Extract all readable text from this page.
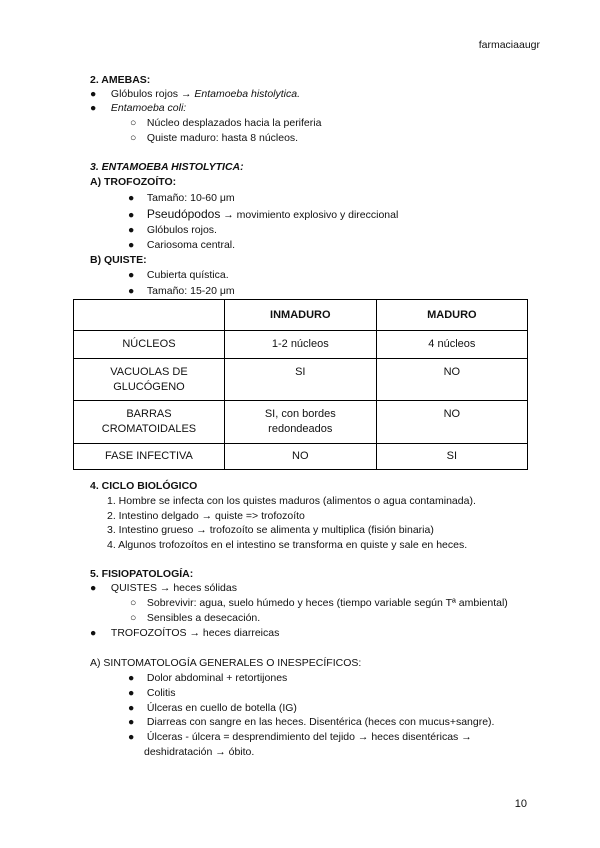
farmaciaaugr
2. AMEBAS:
● Glóbulos rojos → Entamoeba histolytica.
● Entamoeba coli:
○ Núcleo desplazados hacia la periferia
○ Quiste maduro: hasta 8 núcleos.
3. ENTAMOEBA HISTOLYTICA:
A) TROFOZOÍTO:
● Tamaño: 10-60 μm
● Pseudópodos → movimiento explosivo y direccional
● Glóbulos rojos.
● Cariosoma central.
B) QUISTE:
● Cubierta quística.
● Tamaño: 15-20 μm
	INMADURO	MADURO
NÚCLEOS	1-2 núcleos	4 núcleos
VACUOLAS DE GLUCÓGENO	SI	NO
BARRAS CROMATOIDALES	SI, con bordes redondeados	NO
FASE INFECTIVA	NO	SI
4. CICLO BIOLÓGICO
1. Hombre se infecta con los quistes maduros (alimentos o agua contaminada).
2. Intestino delgado → quiste => trofozoíto
3. Intestino grueso → trofozoíto se alimenta y multiplica (fisión binaria)
4. Algunos trofozoítos en el intestino se transforma en quiste y sale en heces.
5. FISIOPATOLOGÍA:
● QUISTES → heces sólidas
○ Sobrevivir: agua, suelo húmedo y heces (tiempo variable según Tª ambiental)
○ Sensibles a desecación.
● TROFOZOÍTOS → heces diarreicas
A) SINTOMATOLOGÍA GENERALES O INESPECÍFICOS:
● Dolor abdominal + retortijones
● Colitis
● Úlceras en cuello de botella (IG)
● Diarreas con sangre en las heces. Disentérica (heces con mucus+sangre).
● Úlceras - úlcera = desprendimiento del tejido → heces disentéricas →
deshidratación → óbito.
10
